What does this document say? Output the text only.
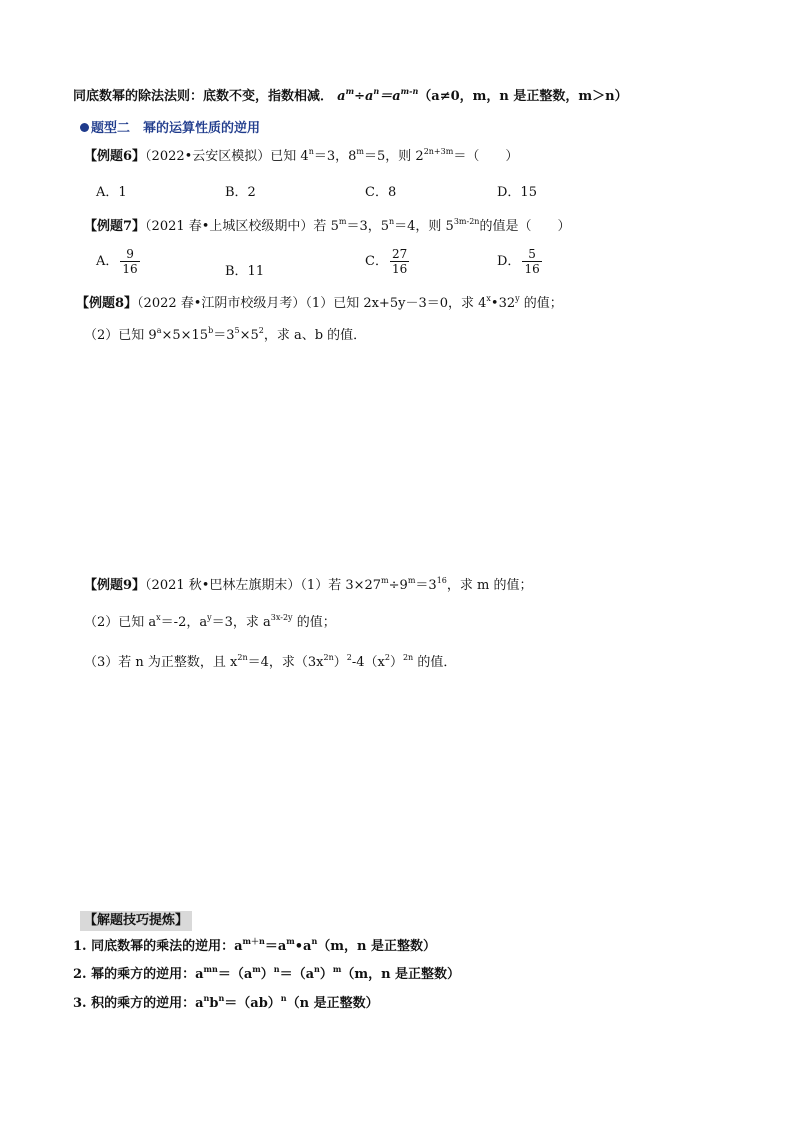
同底数幂的除法法则：底数不变，指数相减． $a^m\div a^n=a^{m-n}(a\ne 0$，m，n 是正整数，m＞n）
题型二　幂的运算性质的逆用
【例题6】（2022•云安区模拟）已知 $4^n=3$，$8^m=5$，则 $2^{2n+3m}=$（　　）
A．1	B．2	C．8	D．15
【例题7】（2021 春•上城区校级期中）若 $5^m=3$，$5^n=4$，则 $5^{3m-2n}$的值是（　　）
A． $\frac{9}{16}$	B．11
C． $\frac{27}{16}$	D． $\frac{5}{16}$
【例题8】（2022 春•江阴市校级月考）（1）已知 2x+5y－3＝0，求 4$^x$•32$^y$ 的值；
（2）已知 $9^a\times 5\times 15^b=3^5\times 5^2$，求 a、b 的值．
【例题9】（2021 秋•巴林左旗期末）（1）若 $3\times 27^m\div 9^m=3^{16}$，求 m 的值；
（2）已知 $a^x=-2$，$a^y=3$，求 $a^{3x-2y}$ 的值；
（3）若 n 为正整数，且 $x^{2n}=4$，求$(3x^{2n})^2-4(x^2)^{2n}$ 的值．
【解题技巧提炼】
1. 同底数幂的乘法的逆用：$a^{m+n}=a^m•a^n(m$，n 是正整数）
2. 幂的乘方的逆用：$a^{mn}=(a^m)^n=(a^n)^m(m$，n 是正整数）
3. 积的乘方的逆用：$a^nb^n=(ab)^n(n$ 是正整数）
